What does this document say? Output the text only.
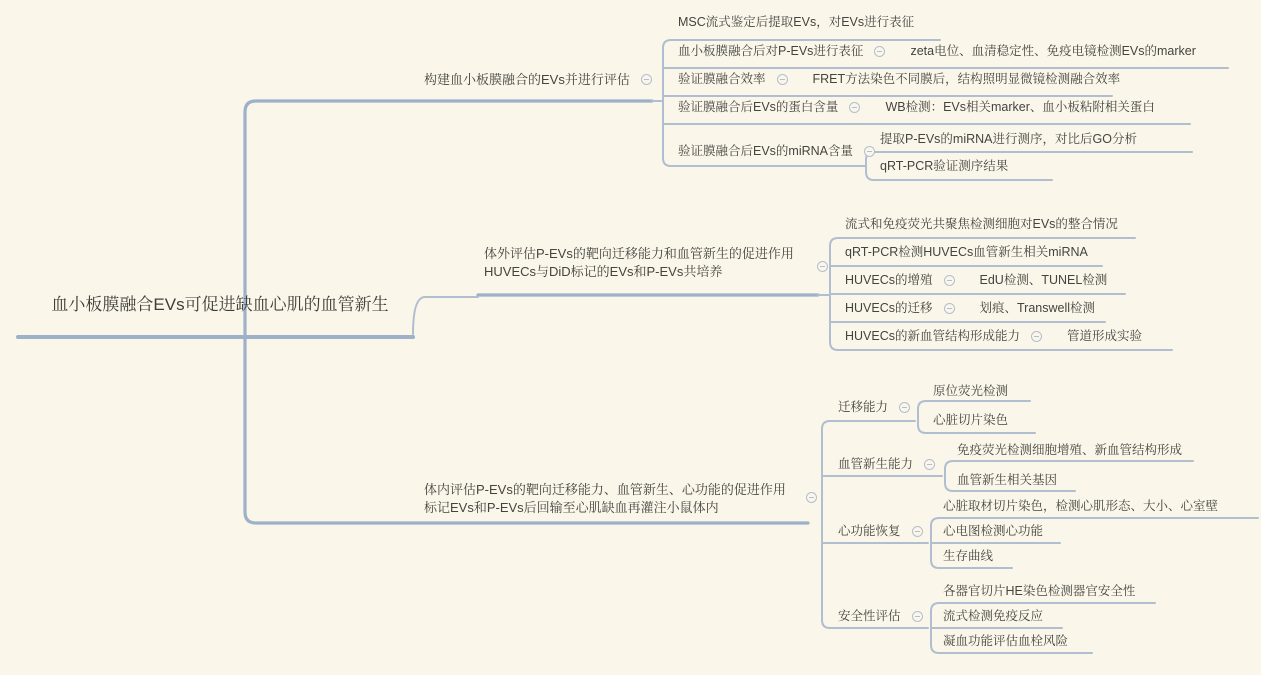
血小板膜融合EVs可促进缺血心肌的血管新生
构建血小板膜融合的EVs并进行评估
MSC流式鉴定后提取EVs，对EVs进行表征
血小板膜融合后对P-EVs进行表征	zeta电位、血清稳定性、免疫电镜检测EVs的marker
验证膜融合效率	FRET方法染色不同膜后，结构照明显微镜检测融合效率
验证膜融合后EVs的蛋白含量	WB检测：EVs相关marker、血小板粘附相关蛋白
验证膜融合后EVs的miRNA含量
提取P-EVs的miRNA进行测序，对比后GO分析
qRT-PCR验证测序结果
体外评估P-EVs的靶向迁移能力和血管新生的促进作用
HUVECs与DiD标记的EVs和P-EVs共培养
流式和免疫荧光共聚焦检测细胞对EVs的整合情况
qRT-PCR检测HUVECs血管新生相关miRNA
HUVECs的增殖	EdU检测、TUNEL检测
HUVECs的迁移	划痕、Transwell检测
HUVECs的新血管结构形成能力	管道形成实验
体内评估P-EVs的靶向迁移能力、血管新生、心功能的促进作用
标记EVs和P-EVs后回输至心肌缺血再灌注小鼠体内
迁移能力
原位荧光检测
心脏切片染色
血管新生能力
免疫荧光检测细胞增殖、新血管结构形成
血管新生相关基因
心功能恢复
心脏取材切片染色，检测心肌形态、大小、心室壁
心电图检测心功能
生存曲线
安全性评估
各器官切片HE染色检测器官安全性
流式检测免疫反应
凝血功能评估血栓风险
